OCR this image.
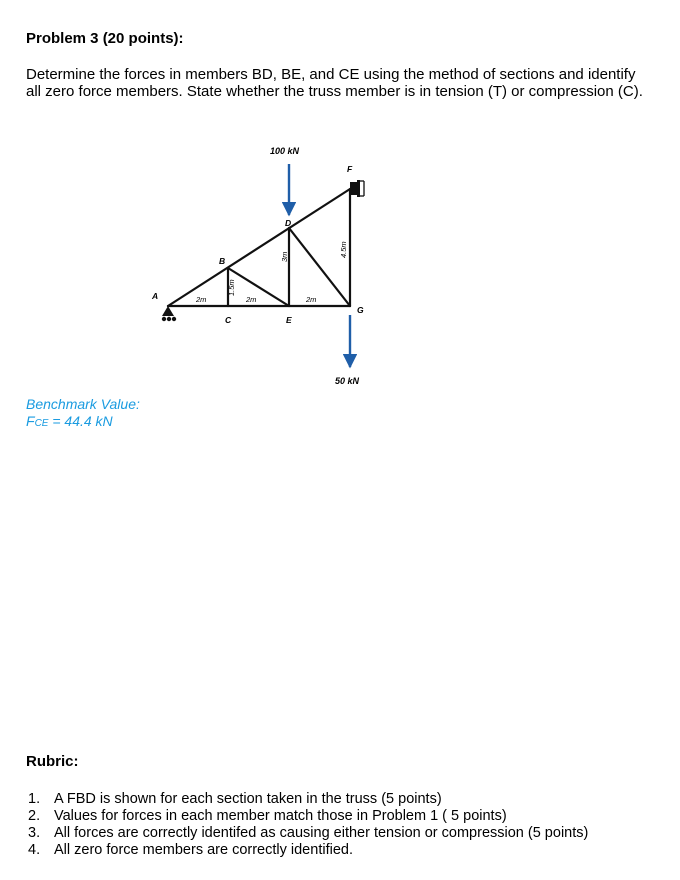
Problem 3 (20 points):

Determine the forces in members BD, BE, and CE using the method of sections and identify all zero force members. State whether the truss member is in tension (T) or compression (C).

100 kN
50 kN
A
B
C
D
E
F
G
2m	2m	2m
1.5m
3m	4.5m
Benchmark Value:
FCE = 44.4 kN
Rubric:
1. A FBD is shown for each section taken in the truss (5 points)
2. Values for forces in each member match those in Problem 1 ( 5 points)
3. All forces are correctly identifed as causing either tension or compression (5 points)
4. All zero force members are correctly identified.
